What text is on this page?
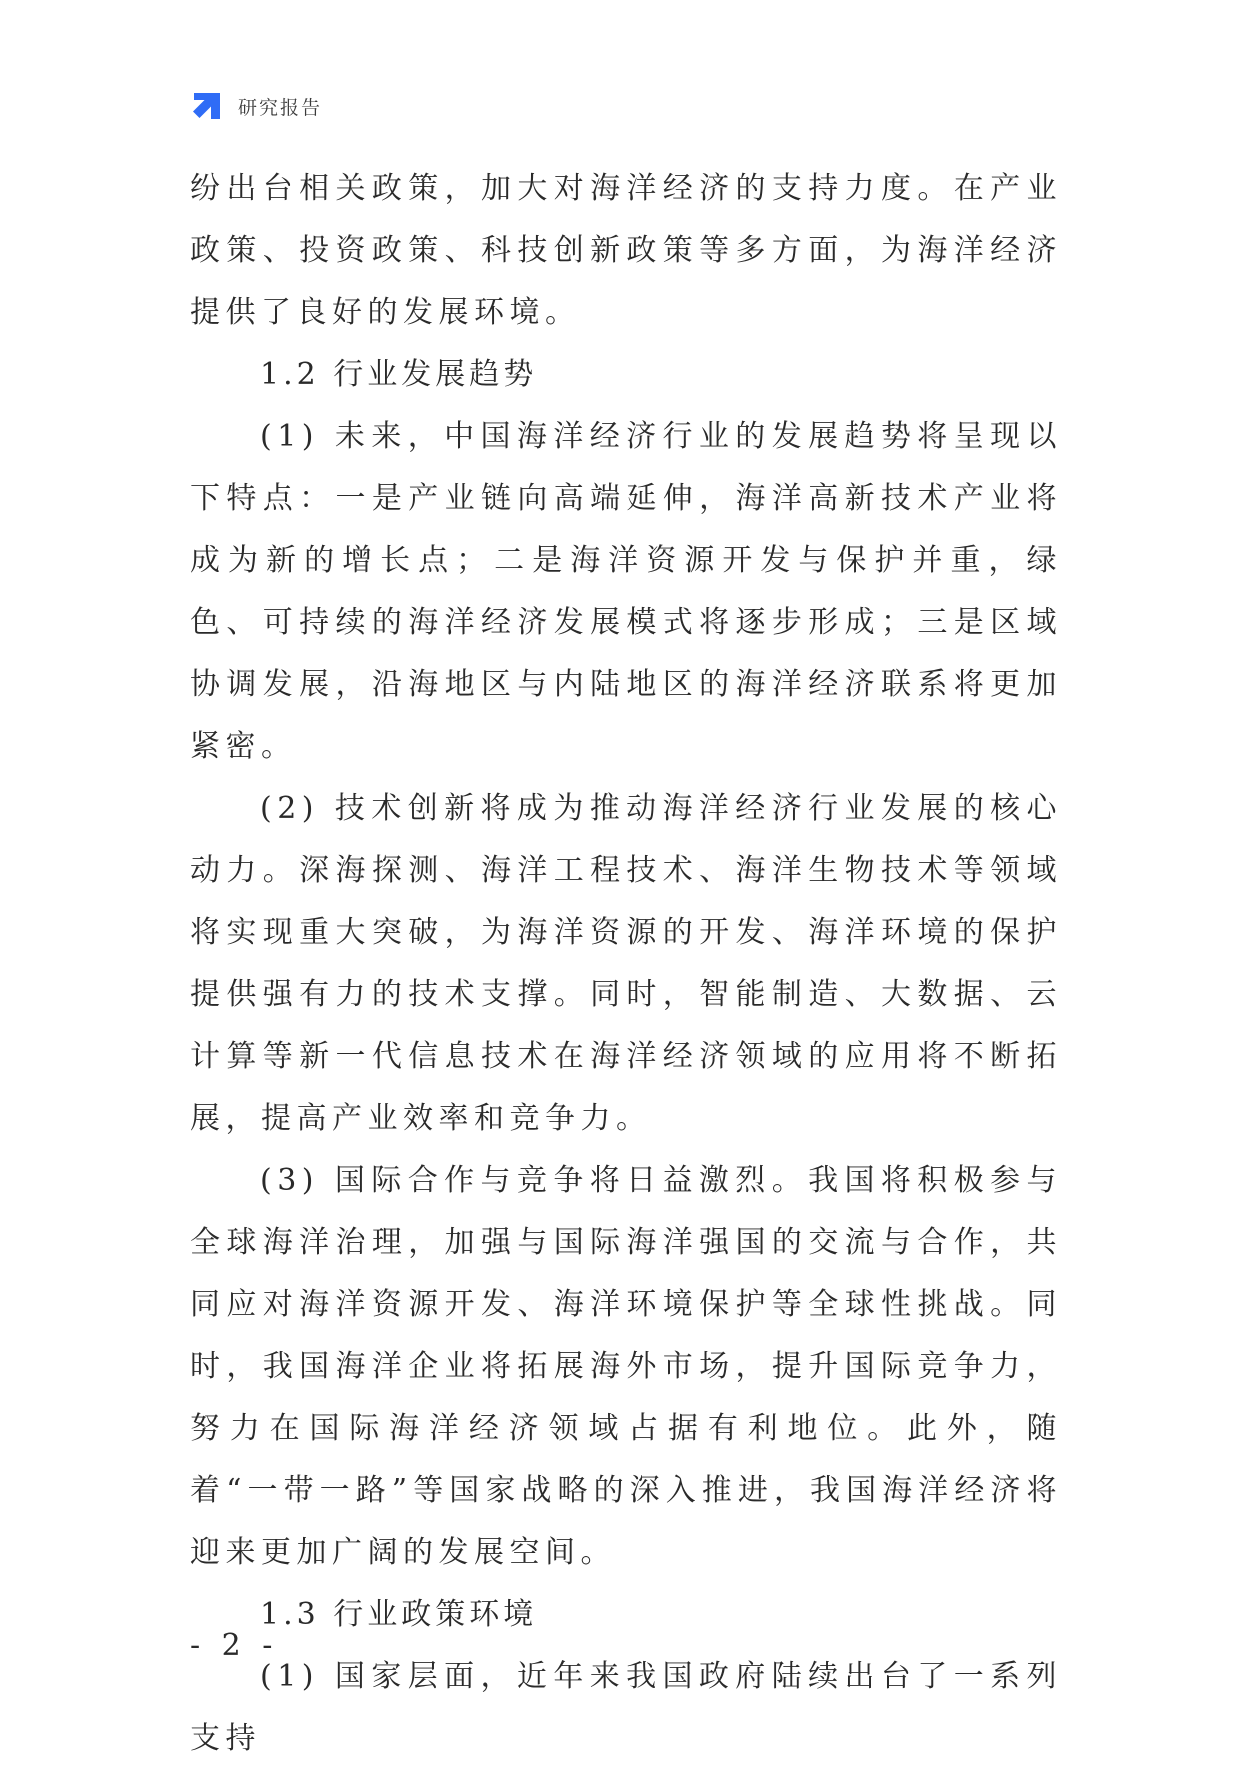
研究报告

纷出台相关政策，加大对海洋经济的支持力度。在产业政策、投资政策、科技创新政策等多方面，为海洋经济提供了良好的发展环境。

1.2 行业发展趋势

(1) 未来，中国海洋经济行业的发展趋势将呈现以下特点：一是产业链向高端延伸，海洋高新技术产业将成为新的增长点；二是海洋资源开发与保护并重，绿色、可持续的海洋经济发展模式将逐步形成；三是区域协调发展，沿海地区与内陆地区的海洋经济联系将更加紧密。

(2) 技术创新将成为推动海洋经济行业发展的核心动力。深海探测、海洋工程技术、海洋生物技术等领域将实现重大突破，为海洋资源的开发、海洋环境的保护提供强有力的技术支撑。同时，智能制造、大数据、云计算等新一代信息技术在海洋经济领域的应用将不断拓展，提高产业效率和竞争力。

(3) 国际合作与竞争将日益激烈。我国将积极参与全球海洋治理，加强与国际海洋强国的交流与合作，共同应对海洋资源开发、海洋环境保护等全球性挑战。同时，我国海洋企业将拓展海外市场，提升国际竞争力，努力在国际海洋经济领域占据有利地位。此外，随着“一带一路”等国家战略的深入推进，我国海洋经济将迎来更加广阔的发展空间。

1.3 行业政策环境

(1) 国家层面，近年来我国政府陆续出台了一系列支持

- 2 -
